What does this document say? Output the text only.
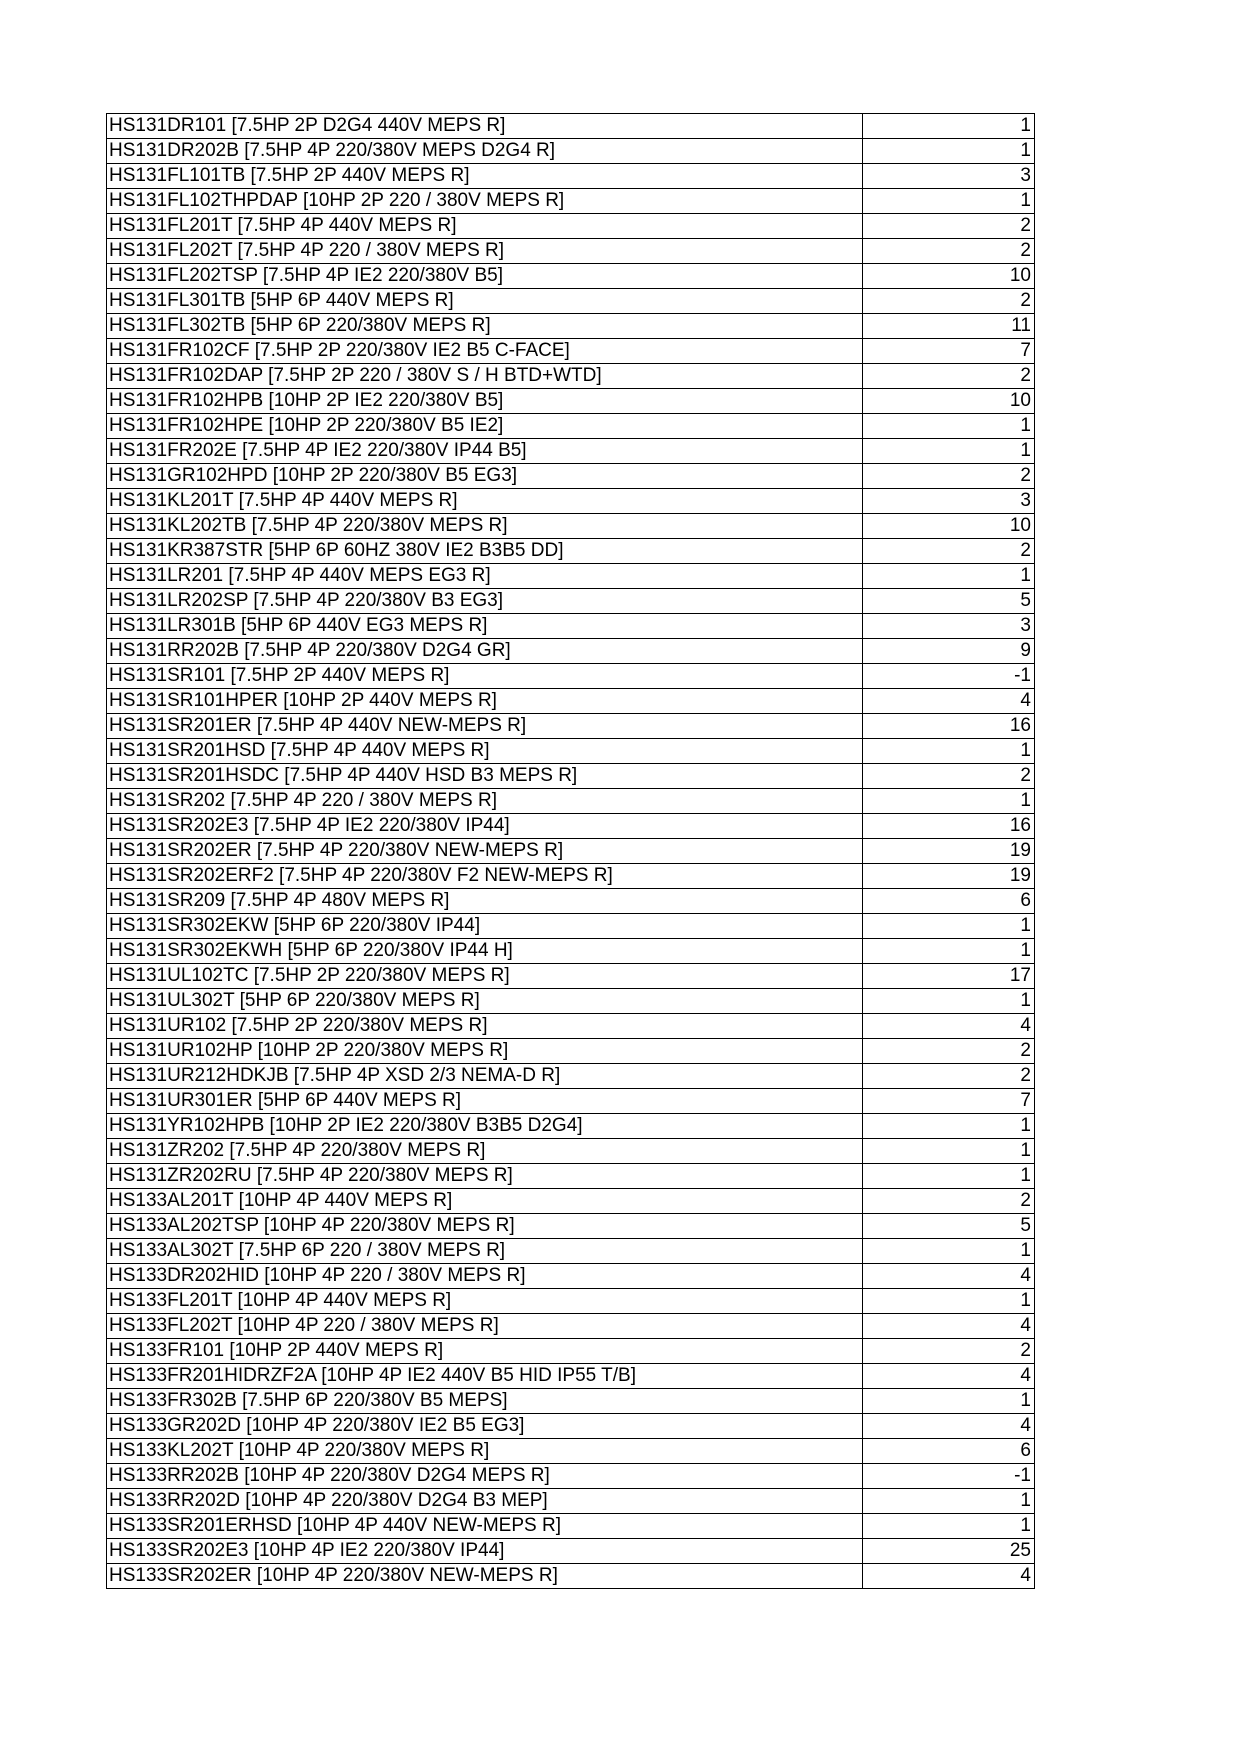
HS131DR101 [7.5HP 2P D2G4 440V MEPS R]	1
HS131DR202B [7.5HP 4P 220/380V MEPS D2G4 R]	1
HS131FL101TB [7.5HP 2P 440V MEPS R]	3
HS131FL102THPDAP [10HP 2P 220 / 380V MEPS R]	1
HS131FL201T [7.5HP 4P 440V MEPS R]	2
HS131FL202T [7.5HP 4P 220 / 380V MEPS R]	2
HS131FL202TSP [7.5HP 4P IE2 220/380V B5]	10
HS131FL301TB [5HP 6P 440V MEPS R]	2
HS131FL302TB [5HP 6P 220/380V MEPS R]	11
HS131FR102CF [7.5HP 2P 220/380V IE2 B5 C-FACE]	7
HS131FR102DAP [7.5HP 2P 220 / 380V S / H BTD+WTD]	2
HS131FR102HPB [10HP 2P IE2 220/380V B5]	10
HS131FR102HPE [10HP 2P 220/380V B5 IE2]	1
HS131FR202E [7.5HP 4P IE2 220/380V IP44 B5]	1
HS131GR102HPD [10HP 2P 220/380V B5 EG3]	2
HS131KL201T [7.5HP 4P 440V MEPS R]	3
HS131KL202TB [7.5HP 4P 220/380V MEPS R]	10
HS131KR387STR [5HP 6P 60HZ 380V IE2 B3B5 DD]	2
HS131LR201 [7.5HP 4P 440V MEPS EG3 R]	1
HS131LR202SP [7.5HP 4P 220/380V B3 EG3]	5
HS131LR301B [5HP 6P 440V EG3 MEPS R]	3
HS131RR202B [7.5HP 4P 220/380V D2G4 GR]	9
HS131SR101 [7.5HP 2P 440V MEPS R]	-1
HS131SR101HPER [10HP 2P 440V MEPS R]	4
HS131SR201ER [7.5HP 4P 440V NEW-MEPS R]	16
HS131SR201HSD [7.5HP 4P 440V MEPS R]	1
HS131SR201HSDC [7.5HP 4P 440V HSD B3 MEPS R]	2
HS131SR202 [7.5HP 4P 220 / 380V MEPS R]	1
HS131SR202E3 [7.5HP 4P IE2 220/380V IP44]	16
HS131SR202ER [7.5HP 4P 220/380V NEW-MEPS R]	19
HS131SR202ERF2 [7.5HP 4P 220/380V F2 NEW-MEPS R]	19
HS131SR209 [7.5HP 4P 480V MEPS R]	6
HS131SR302EKW [5HP 6P 220/380V IP44]	1
HS131SR302EKWH [5HP 6P 220/380V IP44 H]	1
HS131UL102TC [7.5HP 2P 220/380V MEPS R]	17
HS131UL302T [5HP 6P 220/380V MEPS R]	1
HS131UR102 [7.5HP 2P 220/380V MEPS R]	4
HS131UR102HP [10HP 2P 220/380V MEPS R]	2
HS131UR212HDKJB [7.5HP 4P XSD 2/3 NEMA-D R]	2
HS131UR301ER [5HP 6P 440V MEPS R]	7
HS131YR102HPB [10HP 2P IE2 220/380V B3B5 D2G4]	1
HS131ZR202 [7.5HP 4P 220/380V MEPS R]	1
HS131ZR202RU [7.5HP 4P 220/380V MEPS R]	1
HS133AL201T [10HP 4P 440V MEPS R]	2
HS133AL202TSP [10HP 4P 220/380V MEPS R]	5
HS133AL302T [7.5HP 6P 220 / 380V MEPS R]	1
HS133DR202HID [10HP 4P 220 / 380V MEPS R]	4
HS133FL201T [10HP 4P 440V MEPS R]	1
HS133FL202T [10HP 4P 220 / 380V MEPS R]	4
HS133FR101 [10HP 2P 440V MEPS R]	2
HS133FR201HIDRZF2A [10HP 4P IE2 440V B5 HID IP55 T/B]	4
HS133FR302B [7.5HP 6P 220/380V B5 MEPS]	1
HS133GR202D [10HP 4P 220/380V IE2 B5 EG3]	4
HS133KL202T [10HP 4P 220/380V MEPS R]	6
HS133RR202B [10HP 4P 220/380V D2G4 MEPS R]	-1
HS133RR202D [10HP 4P 220/380V D2G4 B3 MEP]	1
HS133SR201ERHSD [10HP 4P 440V NEW-MEPS R]	1
HS133SR202E3 [10HP 4P IE2 220/380V IP44]	25
HS133SR202ER [10HP 4P 220/380V NEW-MEPS R]	4
